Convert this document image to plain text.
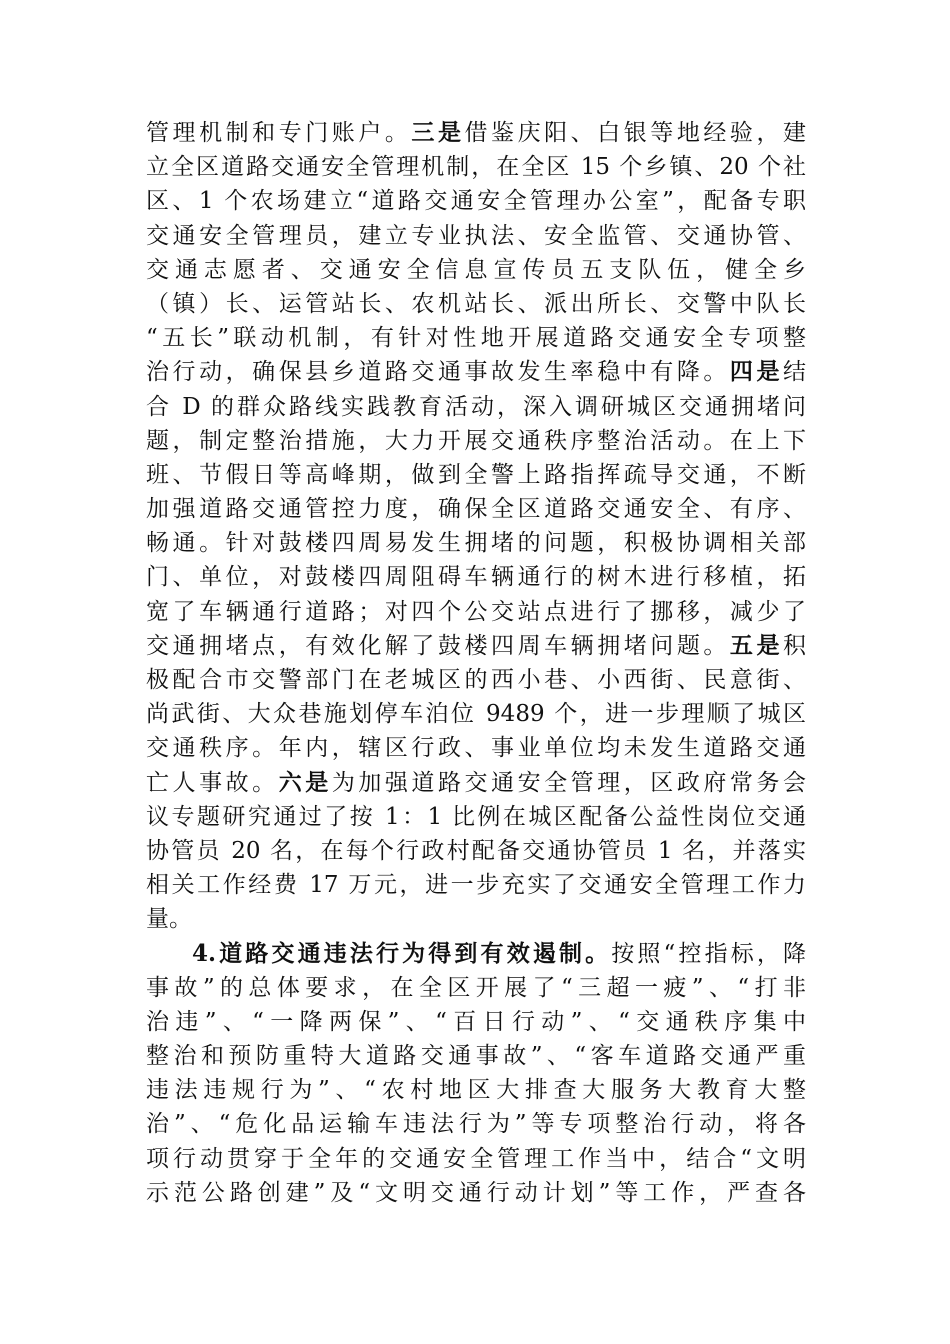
管理机制和专门账户。三是借鉴庆阳、白银等地经验，建
立全区道路交通安全管理机制，在全区 15 个乡镇、20 个社
区、1 个农场建立“道路交通安全管理办公室”，配备专职
交通安全管理员，建立专业执法、安全监管、交通协管、
交通志愿者、交通安全信息宣传员五支队伍，健全乡
（镇）长、运管站长、农机站长、派出所长、交警中队长
“五长”联动机制，有针对性地开展道路交通安全专项整
治行动，确保县乡道路交通事故发生率稳中有降。四是结
合 D 的群众路线实践教育活动，深入调研城区交通拥堵问
题，制定整治措施，大力开展交通秩序整治活动。在上下
班、节假日等高峰期，做到全警上路指挥疏导交通，不断
加强道路交通管控力度，确保全区道路交通安全、有序、
畅通。针对鼓楼四周易发生拥堵的问题，积极协调相关部
门、单位，对鼓楼四周阻碍车辆通行的树木进行移植，拓
宽了车辆通行道路；对四个公交站点进行了挪移，减少了
交通拥堵点，有效化解了鼓楼四周车辆拥堵问题。五是积
极配合市交警部门在老城区的西小巷、小西街、民意街、
尚武街、大众巷施划停车泊位 9489 个，进一步理顺了城区
交通秩序。年内，辖区行政、事业单位均未发生道路交通
亡人事故。六是为加强道路交通安全管理，区政府常务会
议专题研究通过了按 1：1 比例在城区配备公益性岗位交通
协管员 20 名，在每个行政村配备交通协管员 1 名，并落实
相关工作经费 17 万元，进一步充实了交通安全管理工作力
量。
4.道路交通违法行为得到有效遏制。按照“控指标，降
事故”的总体要求，在全区开展了“三超一疲”、“打非
治违”、“一降两保”、“百日行动”、“交通秩序集中
整治和预防重特大道路交通事故”、“客车道路交通严重
违法违规行为”、“农村地区大排查大服务大教育大整
治”、“危化品运输车违法行为”等专项整治行动，将各
项行动贯穿于全年的交通安全管理工作当中，结合“文明
示范公路创建”及“文明交通行动计划”等工作，严查各
